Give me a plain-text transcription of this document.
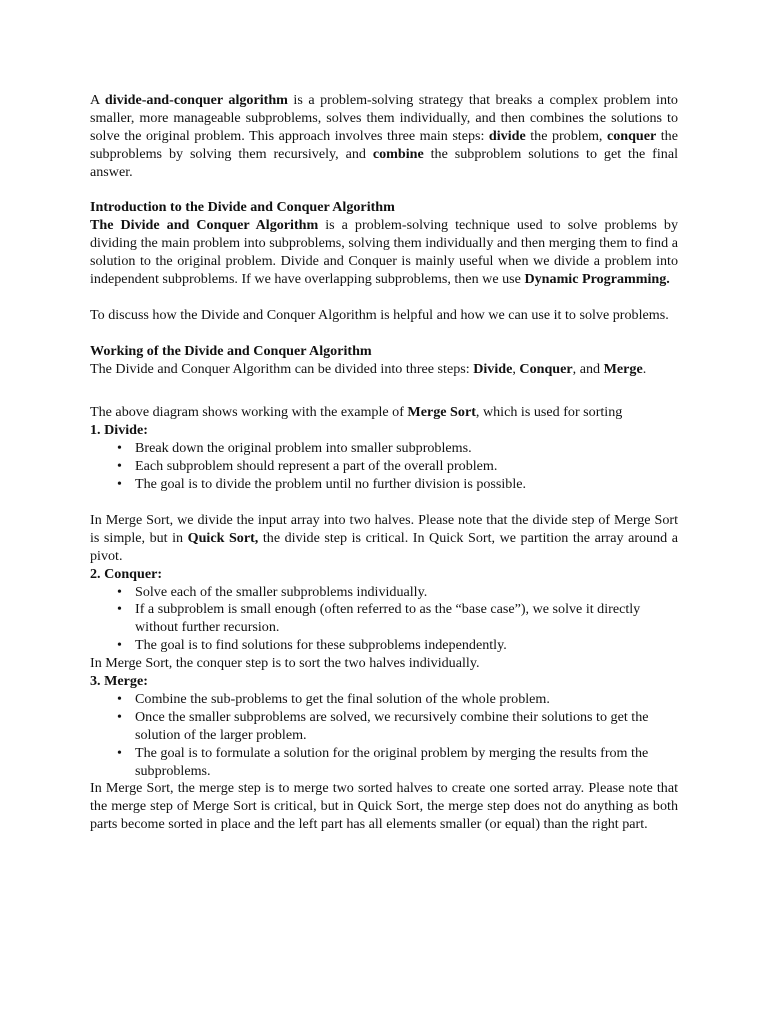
A divide-and-conquer algorithm is a problem-solving strategy that breaks a complex problem into smaller, more manageable subproblems, solves them individually, and then combines the solutions to solve the original problem. This approach involves three main steps: divide the problem, conquer the subproblems by solving them recursively, and combine the subproblem solutions to get the final answer.

Introduction to the Divide and Conquer Algorithm

The Divide and Conquer Algorithm is a problem-solving technique used to solve problems by dividing the main problem into subproblems, solving them individually and then merging them to find a solution to the original problem. Divide and Conquer is mainly useful when we divide a problem into independent subproblems. If we have overlapping subproblems, then we use Dynamic Programming.

To discuss how the Divide and Conquer Algorithm is helpful and how we can use it to solve problems.

Working of the Divide and Conquer Algorithm

The Divide and Conquer Algorithm can be divided into three steps: Divide, Conquer, and Merge.

The above diagram shows working with the example of Merge Sort, which is used for sorting

1. Divide:

• Break down the original problem into smaller subproblems.
• Each subproblem should represent a part of the overall problem.
• The goal is to divide the problem until no further division is possible.

In Merge Sort, we divide the input array into two halves. Please note that the divide step of Merge Sort is simple, but in Quick Sort, the divide step is critical. In Quick Sort, we partition the array around a pivot.

2. Conquer:

• Solve each of the smaller subproblems individually.
• If a subproblem is small enough (often referred to as the “base case”), we solve it directly without further recursion.
• The goal is to find solutions for these subproblems independently.

In Merge Sort, the conquer step is to sort the two halves individually.

3. Merge:

• Combine the sub-problems to get the final solution of the whole problem.
• Once the smaller subproblems are solved, we recursively combine their solutions to get the solution of the larger problem.
• The goal is to formulate a solution for the original problem by merging the results from the subproblems.

In Merge Sort, the merge step is to merge two sorted halves to create one sorted array. Please note that the merge step of Merge Sort is critical, but in Quick Sort, the merge step does not do anything as both parts become sorted in place and the left part has all elements smaller (or equal) than the right part.
